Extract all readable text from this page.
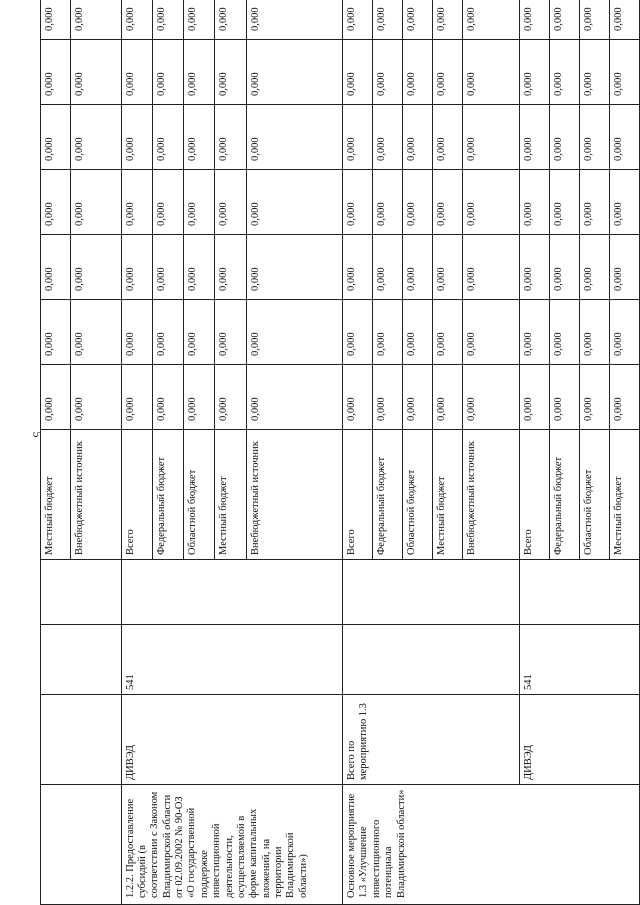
5
				Местный бюджет	0,000	0,000	0,000	0,000	0,000	0,000	0,000
				Внебюджетный источник	0,000	0,000	0,000	0,000	0,000	0,000	0,000
1.2.2. Предоставление субсидий (в соответствии с Законом Владимирской области от 02.09.2002 № 90-ОЗ «О государственной поддержке инвестиционной деятельности, осуществляемой в форме капитальных вложений, на территории Владимирской области»)	ДИВЭД	541		Всего	0,000	0,000	0,000	0,000	0,000	0,000	0,000
				Федеральный бюджет	0,000	0,000	0,000	0,000	0,000	0,000	0,000
				Областной бюджет	0,000	0,000	0,000	0,000	0,000	0,000	0,000
				Местный бюджет	0,000	0,000	0,000	0,000	0,000	0,000	0,000
				Внебюджетный источник	0,000	0,000	0,000	0,000	0,000	0,000	0,000
Основное мероприятие 1.3 «Улучшение инвестиционного потенциала Владимирской области»	Всего по мероприятию 1.3			Всего	0,000	0,000	0,000	0,000	0,000	0,000	0,000
				Федеральный бюджет	0,000	0,000	0,000	0,000	0,000	0,000	0,000
				Областной бюджет	0,000	0,000	0,000	0,000	0,000	0,000	0,000
				Местный бюджет	0,000	0,000	0,000	0,000	0,000	0,000	0,000
				Внебюджетный источник	0,000	0,000	0,000	0,000	0,000	0,000	0,000
	ДИВЭД	541		Всего	0,000	0,000	0,000	0,000	0,000	0,000	0,000
				Федеральный бюджет	0,000	0,000	0,000	0,000	0,000	0,000	0,000
				Областной бюджет	0,000	0,000	0,000	0,000	0,000	0,000	0,000
				Местный бюджет	0,000	0,000	0,000	0,000	0,000	0,000	0,000
